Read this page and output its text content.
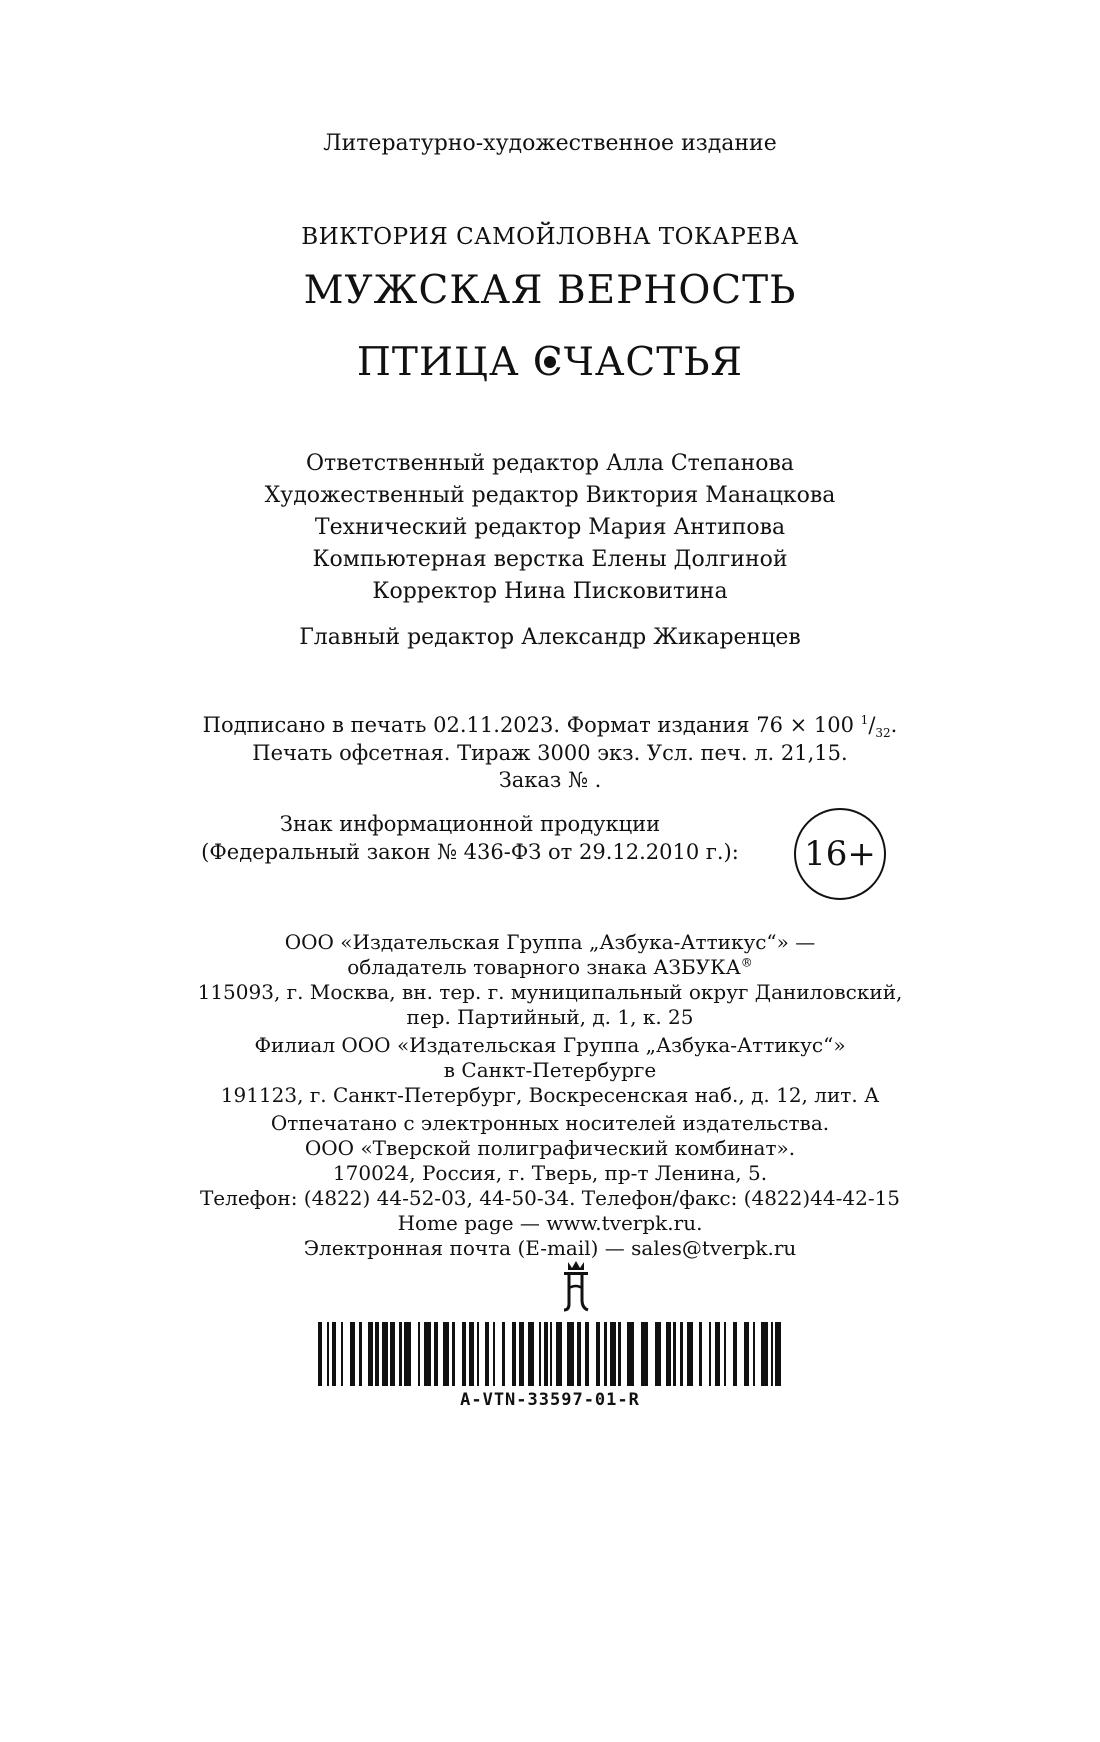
Литературно-художественное издание
ВИКТОРИЯ САМОЙЛОВНА ТОКАРЕВА
МУЖСКАЯ ВЕРНОСТЬ
ПТИЦА СЧАСТЬЯ
Ответственный редактор Алла Степанова
Художественный редактор Виктория Манацкова
Технический редактор Мария Антипова
Компьютерная верстка Елены Долгиной
Корректор Нина Писковитина
Главный редактор Александр Жикаренцев
Подписано в печать 02.11.2023. Формат издания 76 × 100 $^1/_{32}$.
Печать офсетная. Тираж 3000 экз. Усл. печ. л. 21,15.
Заказ № .
Знак информационной продукции
(Федеральный закон № 436-ФЗ от 29.12.2010 г.):	16+
ООО «Издательская Группа „Азбука-Аттикус“» —
обладатель товарного знака АЗБУКА®
115093, г. Москва, вн. тер. г. муниципальный округ Даниловский,
пер. Партийный, д. 1, к. 25
Филиал ООО «Издательская Группа „Азбука-Аттикус“»
в Санкт-Петербурге
191123, г. Санкт-Петербург, Воскресенская наб., д. 12, лит. А
Отпечатано с электронных носителей издательства.
ООО «Тверской полиграфический комбинат».
170024, Россия, г. Тверь, пр-т Ленина, 5.
Телефон: (4822) 44-52-03, 44-50-34. Телефон/факс: (4822)44-42-15
Home page — www.tverpk.ru.
Электронная почта (E-mail) — sales@tverpk.ru
A-VTN-33597-01-R
